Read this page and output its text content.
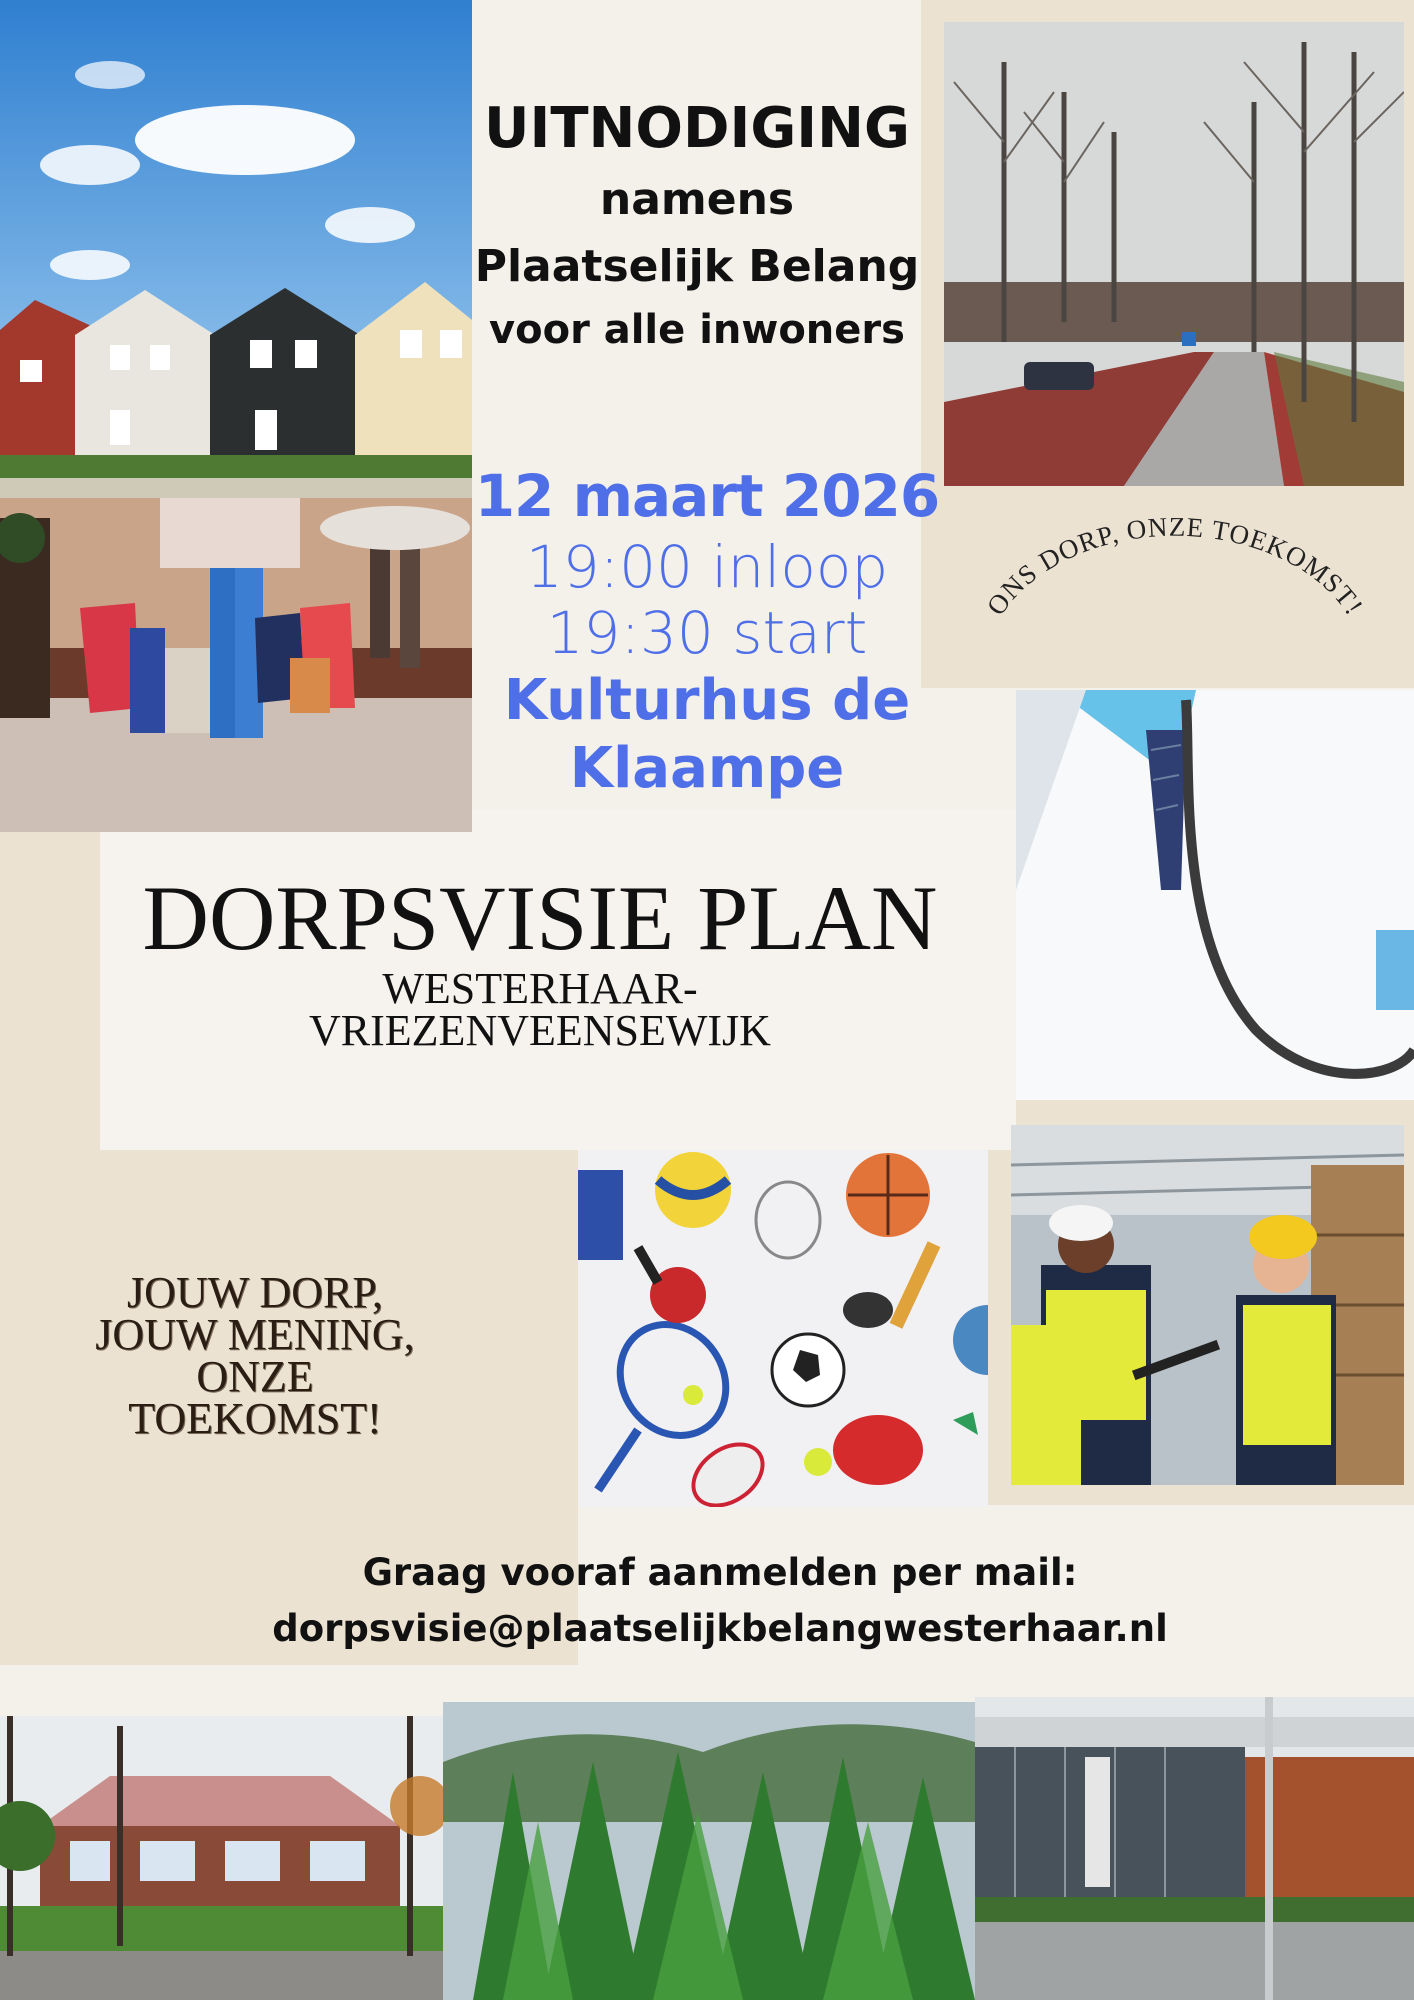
ONS DORP, ONZE TOEKOMST!
UITNODIGING
namens
Plaatselijk Belang
voor alle inwoners
12 maart 2026
19:00 inloop
19:30 start
Kulturhus de
Klaampe
DORPSVISIE PLAN
WESTERHAAR-
VRIEZENVEENSEWIJK
JOUW DORP,
JOUW MENING,
ONZE
TOEKOMST!
Graag vooraf aanmelden per mail:
dorpsvisie@plaatselijkbelangwesterhaar.nl
